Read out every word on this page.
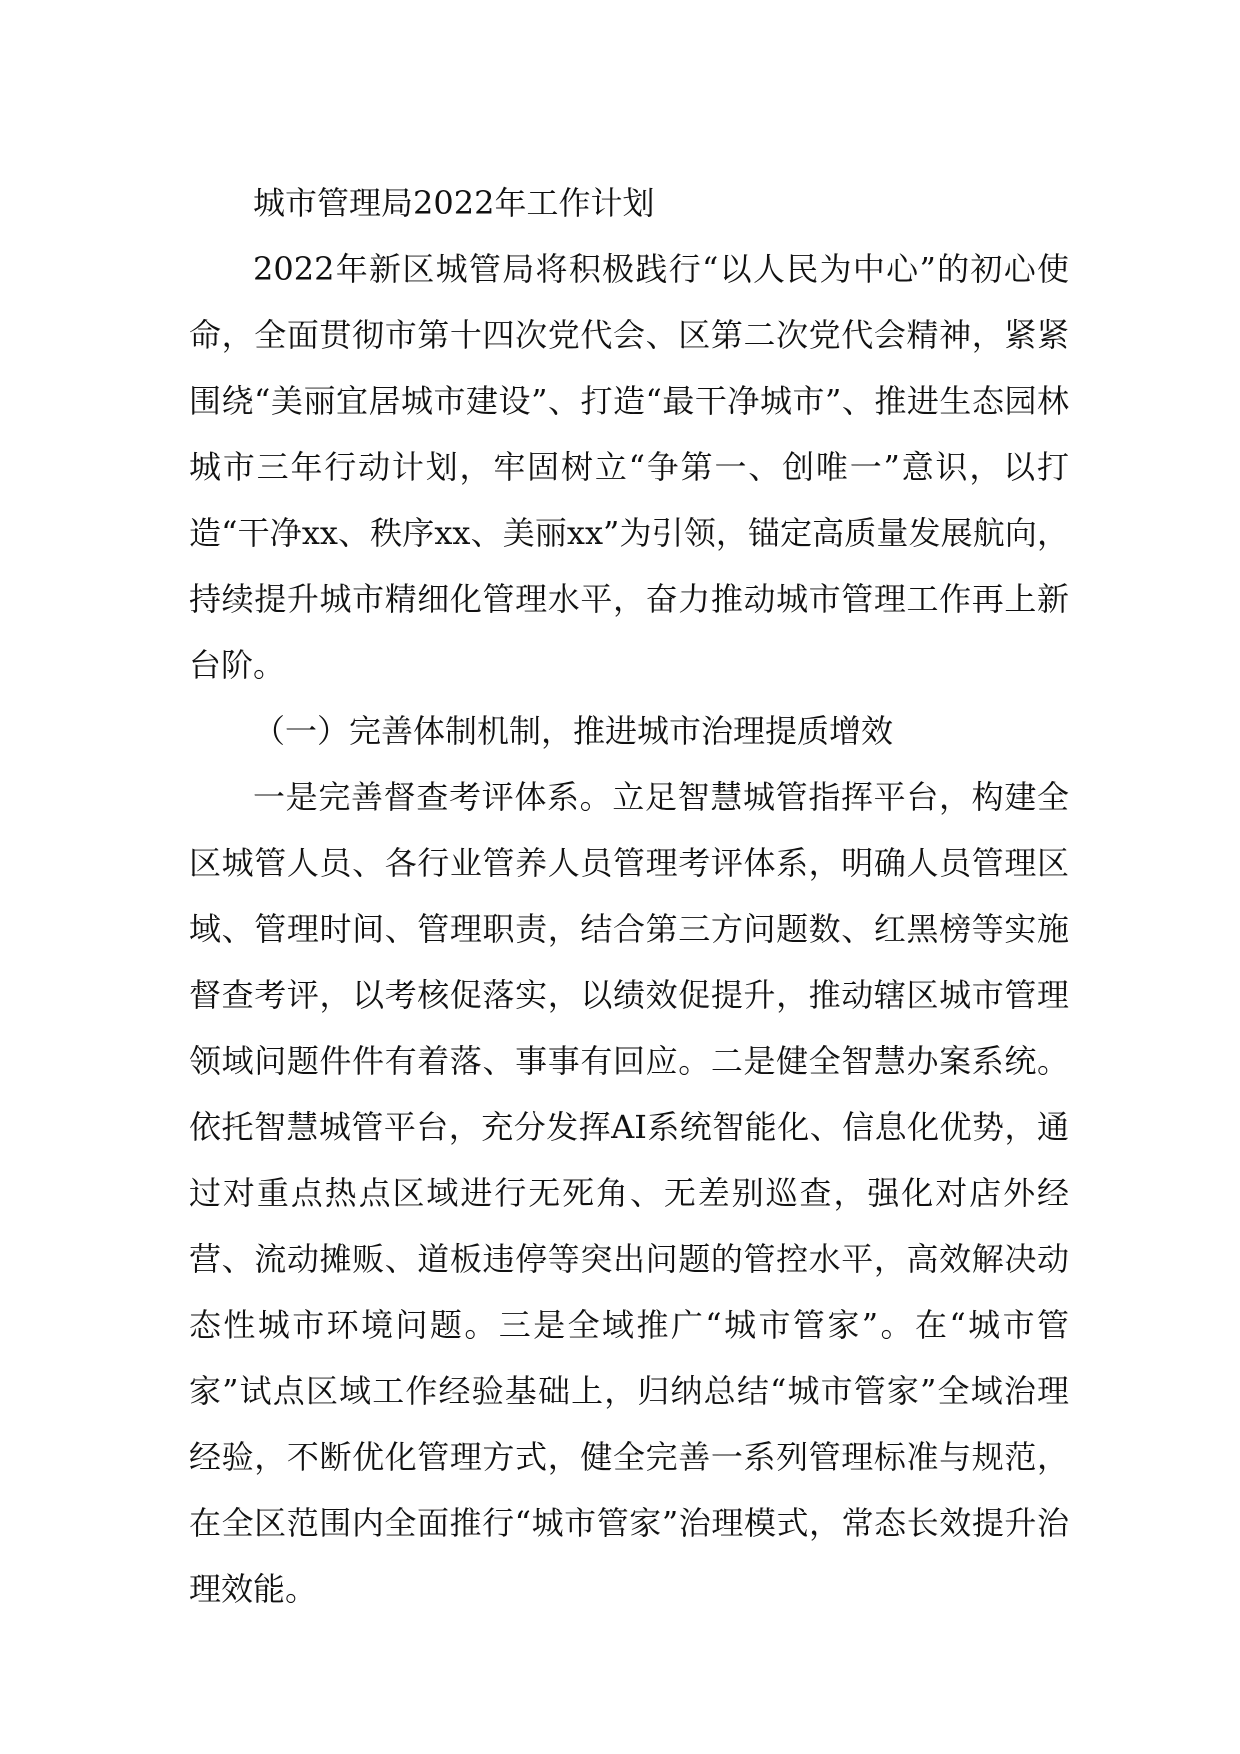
城市管理局2022年工作计划

2022年新区城管局将积极践行“以人民为中心”的初心使命，全面贯彻市第十四次党代会、区第二次党代会精神，紧紧围绕“美丽宜居城市建设”、打造“最干净城市”、推进生态园林城市三年行动计划，牢固树立“争第一、创唯一”意识，以打造“干净xx、秩序xx、美丽xx”为引领，锚定高质量发展航向，持续提升城市精细化管理水平，奋力推动城市管理工作再上新台阶。

（一）完善体制机制，推进城市治理提质增效

一是完善督查考评体系。立足智慧城管指挥平台，构建全区城管人员、各行业管养人员管理考评体系，明确人员管理区域、管理时间、管理职责，结合第三方问题数、红黑榜等实施督查考评，以考核促落实，以绩效促提升，推动辖区城市管理领域问题件件有着落、事事有回应。二是健全智慧办案系统。依托智慧城管平台，充分发挥AI系统智能化、信息化优势，通过对重点热点区域进行无死角、无差别巡查，强化对店外经营、流动摊贩、道板违停等突出问题的管控水平，高效解决动态性城市环境问题。三是全域推广“城市管家”。在“城市管家”试点区域工作经验基础上，归纳总结“城市管家”全域治理经验，不断优化管理方式，健全完善一系列管理标准与规范，在全区范围内全面推行“城市管家”治理模式，常态长效提升治理效能。
